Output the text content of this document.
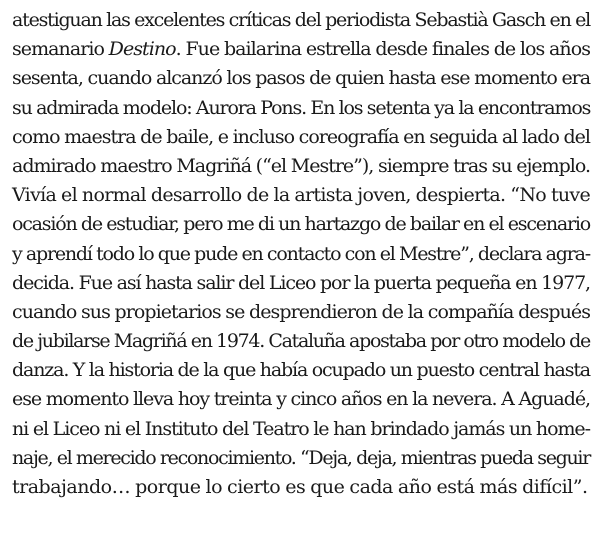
atestiguan las excelentes críticas del periodista Sebastià Gasch en el
semanario Destino. Fue bailarina estrella desde finales de los años
sesenta, cuando alcanzó los pasos de quien hasta ese momento era
su admirada modelo: Aurora Pons. En los setenta ya la encontramos
como maestra de baile, e incluso coreografía en seguida al lado del
admirado maestro Magriñá (“el Mestre”), siempre tras su ejemplo.
Vivía el normal desarrollo de la artista joven, despierta. “No tuve
ocasión de estudiar, pero me di un hartazgo de bailar en el escenario
y aprendí todo lo que pude en contacto con el Mestre”, declara agra-
decida. Fue así hasta salir del Liceo por la puerta pequeña en 1977,
cuando sus propietarios se desprendieron de la compañía después
de jubilarse Magriñá en 1974. Cataluña apostaba por otro modelo de
danza. Y la historia de la que había ocupado un puesto central hasta
ese momento lleva hoy treinta y cinco años en la nevera. A Aguadé,
ni el Liceo ni el Instituto del Teatro le han brindado jamás un home-
naje, el merecido reconocimiento. “Deja, deja, mientras pueda seguir
trabajando… porque lo cierto es que cada año está más difícil”.
